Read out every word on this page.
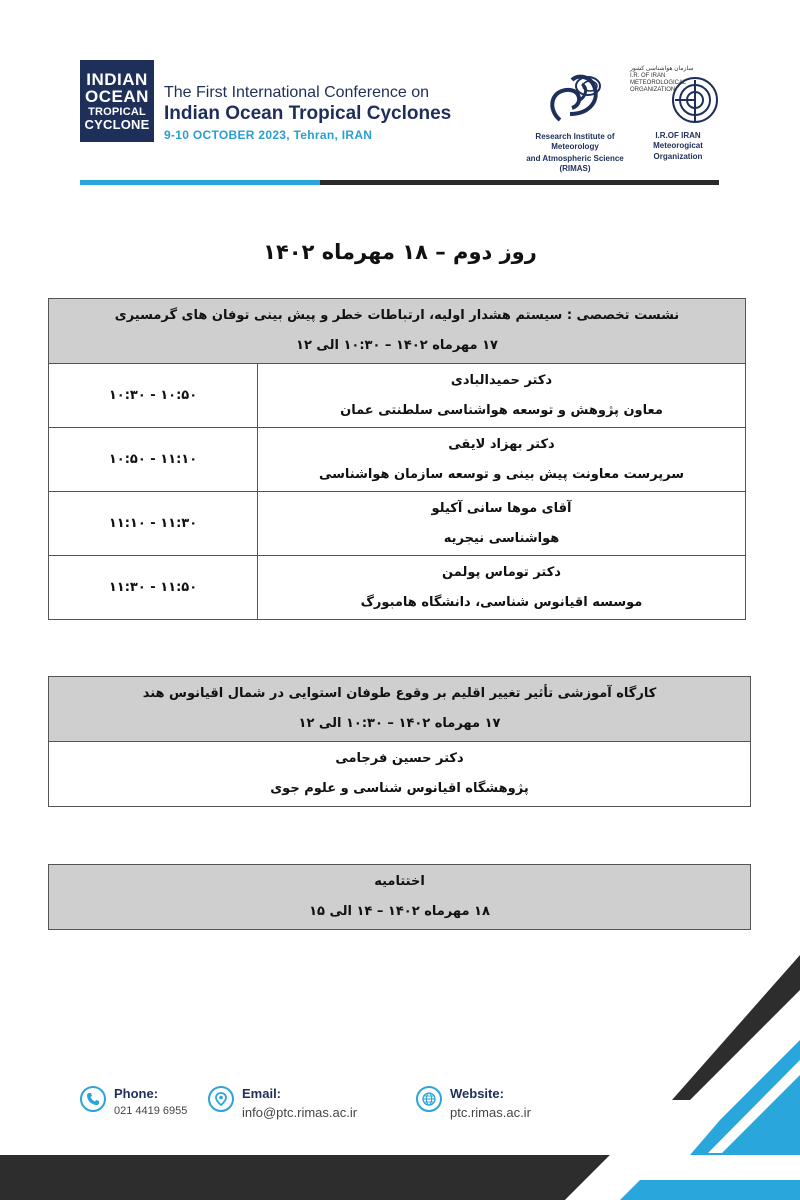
INDIAN
OCEAN
TROPICAL
CYCLONE
The First International Conference on
Indian Ocean Tropical Cyclones
9-10 OCTOBER 2023, Tehran, IRAN	Research Institute of Meteorology
and Atmospheric Science (RIMAS)
سازمان هواشناسی کشور
I.R. OF IRAN
METEOROLOGICAL
ORGANIZATION
I.R.OF IRAN Meteorogicat
Organization
روز دوم – ۱۸ مهرماه ۱۴۰۲
نشست تخصصی : سیستم هشدار اولیه، ارتباطات خطر و پیش بینی توفان های گرمسیری
۱۷ مهرماه ۱۴۰۲ – ۱۰:۳۰ الی ۱۲	

دکتر حمیدالبادی
معاون پژوهش و توسعه هواشناسی سلطنتی عمان	۱۰:۵۰ - ۱۰:۳۰

دکتر بهزاد لایقی
سرپرست معاونت پیش بینی و توسعه سازمان هواشناسی	۱۱:۱۰ - ۱۰:۵۰

آقای موها سانی آکیلو
هواشناسی نیجریه	۱۱:۳۰ - ۱۱:۱۰

دکتر توماس پولمن
موسسه اقیانوس شناسی، دانشگاه هامبورگ	۱۱:۵۰ - ۱۱:۳۰
کارگاه آموزشی تأثیر تغییر اقلیم بر وقوع طوفان استوایی در شمال اقیانوس هند
۱۷ مهرماه ۱۴۰۲ – ۱۰:۳۰ الی ۱۲

دکتر حسین فرجامی
پژوهشگاه اقیانوس شناسی و علوم جوی
اختتامیه
۱۸ مهرماه ۱۴۰۲ – ۱۴ الی ۱۵
Phone:
021 4419 6955
Email:
info@ptc.rimas.ac.ir
Website:
ptc.rimas.ac.ir
